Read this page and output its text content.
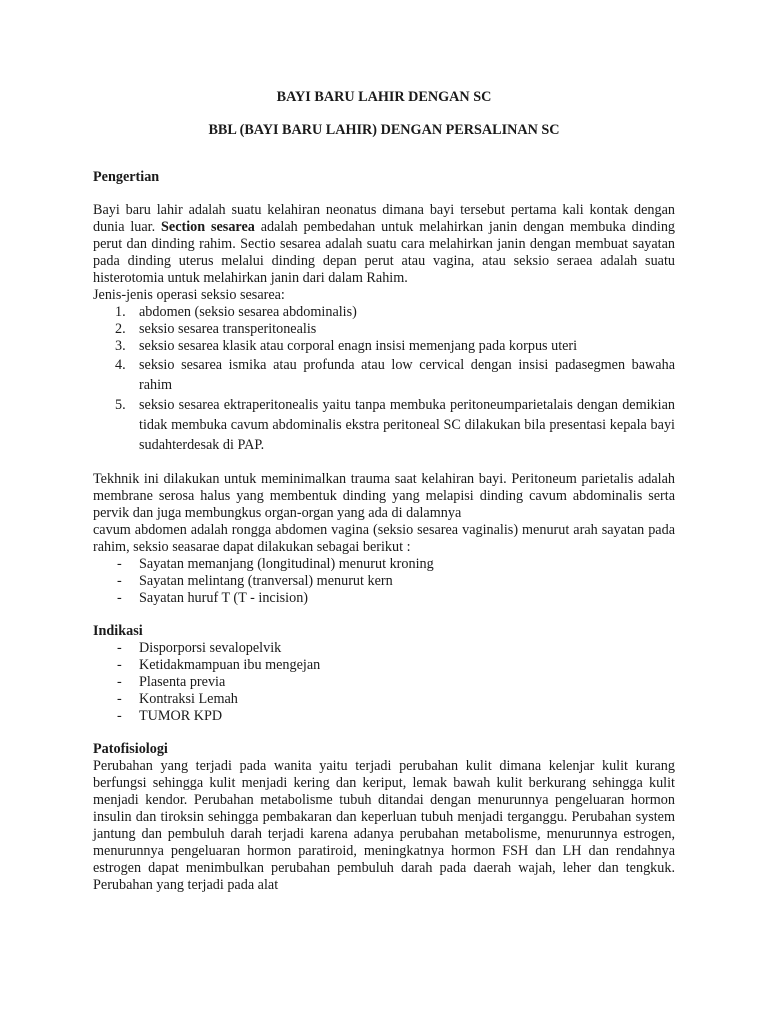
BAYI BARU LAHIR DENGAN SC
BBL (BAYI BARU LAHIR) DENGAN PERSALINAN SC
Pengertian

Bayi baru lahir adalah suatu kelahiran neonatus dimana bayi tersebut pertama kali kontak dengan dunia luar. Section sesarea adalah pembedahan untuk melahirkan janin dengan membuka dinding perut dan dinding rahim. Sectio sesarea adalah suatu cara melahirkan janin dengan membuat sayatan pada dinding uterus melalui dinding depan perut atau vagina, atau seksio seraea adalah suatu histerotomia untuk melahirkan janin dari dalam Rahim.

Jenis-jenis operasi seksio sesarea:

1. abdomen (seksio sesarea abdominalis)
2. seksio sesarea transperitonealis
3. seksio sesarea klasik atau corporal enagn insisi memenjang pada korpus uteri
4. seksio sesarea ismika atau profunda atau low cervical dengan insisi padasegmen bawaha rahim
5. seksio sesarea ektraperitonealis yaitu tanpa membuka peritoneumparietalais dengan demikian tidak membuka cavum abdominalis ekstra peritoneal SC dilakukan bila presentasi kepala bayi sudahterdesak di PAP.

Tekhnik ini dilakukan untuk meminimalkan trauma saat kelahiran bayi. Peritoneum parietalis adalah membrane serosa halus yang membentuk dinding yang melapisi dinding cavum abdominalis serta pervik dan juga membungkus organ-organ yang ada di dalamnya

cavum abdomen adalah rongga abdomen vagina (seksio sesarea vaginalis) menurut arah sayatan pada rahim, seksio seasarae dapat dilakukan sebagai berikut :

- Sayatan memanjang (longitudinal) menurut kroning
- Sayatan melintang (tranversal) menurut kern
- Sayatan huruf T (T - incision)
Indikasi
- Disporporsi sevalopelvik
- Ketidakmampuan ibu mengejan
- Plasenta previa
- Kontraksi Lemah
- TUMOR KPD
Patofisiologi

Perubahan yang terjadi pada wanita yaitu terjadi perubahan kulit dimana kelenjar kulit kurang berfungsi sehingga kulit menjadi kering dan keriput, lemak bawah kulit berkurang sehingga kulit menjadi kendor. Perubahan metabolisme tubuh ditandai dengan menurunnya pengeluaran hormon insulin dan tiroksin sehingga pembakaran dan keperluan tubuh menjadi terganggu. Perubahan system jantung dan pembuluh darah terjadi karena adanya perubahan metabolisme, menurunnya estrogen, menurunnya pengeluaran hormon paratiroid, meningkatnya hormon FSH dan LH dan rendahnya estrogen dapat menimbulkan perubahan pembuluh darah pada daerah wajah, leher dan tengkuk. Perubahan yang terjadi pada alat
